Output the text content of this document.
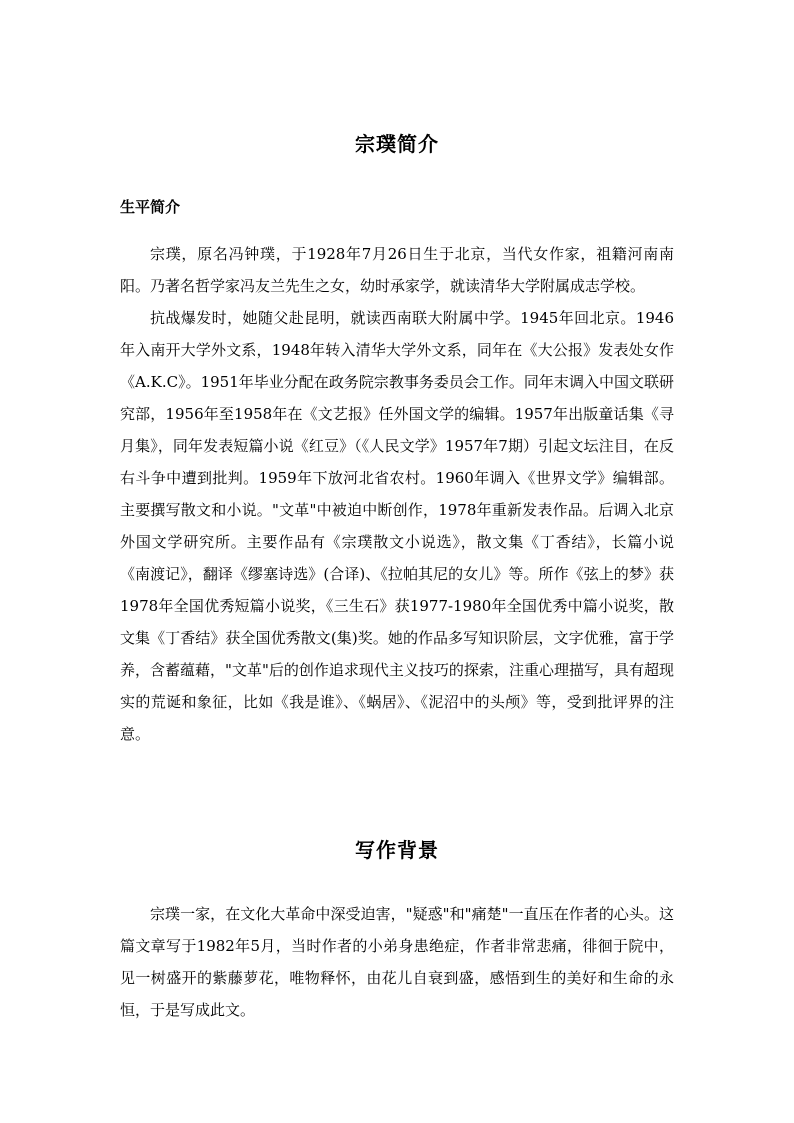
宗璞简介
生平简介

宗璞，原名冯钟璞，于1928年7月26日生于北京，当代女作家，祖籍河南南阳。乃著名哲学家冯友兰先生之女，幼时承家学，就读清华大学附属成志学校。

抗战爆发时，她随父赴昆明，就读西南联大附属中学。1945年回北京。1946年入南开大学外文系，1948年转入清华大学外文系，同年在《大公报》发表处女作《A.K.C》。1951年毕业分配在政务院宗教事务委员会工作。同年末调入中国文联研究部，1956年至1958年在《文艺报》任外国文学的编辑。1957年出版童话集《寻月集》，同年发表短篇小说《红豆》（《人民文学》1957年7期）引起文坛注目，在反右斗争中遭到批判。1959年下放河北省农村。1960年调入《世界文学》编辑部。主要撰写散文和小说。"文革"中被迫中断创作，1978年重新发表作品。后调入北京外国文学研究所。主要作品有《宗璞散文小说选》，散文集《丁香结》，长篇小说《南渡记》，翻译《缪塞诗选》(合译)、《拉帕其尼的女儿》等。所作《弦上的梦》获1978年全国优秀短篇小说奖，《三生石》获1977-1980年全国优秀中篇小说奖，散文集《丁香结》获全国优秀散文(集)奖。她的作品多写知识阶层，文字优雅，富于学养，含蓄蕴藉，"文革"后的创作追求现代主义技巧的探索，注重心理描写，具有超现实的荒诞和象征，比如《我是谁》、《蜗居》、《泥沼中的头颅》等，受到批评界的注意。

写作背景

宗璞一家，在文化大革命中深受迫害，"疑惑"和"痛楚"一直压在作者的心头。这篇文章写于1982年5月，当时作者的小弟身患绝症，作者非常悲痛，徘徊于院中，见一树盛开的紫藤萝花，唯物释怀，由花儿自衰到盛，感悟到生的美好和生命的永恒，于是写成此文。
